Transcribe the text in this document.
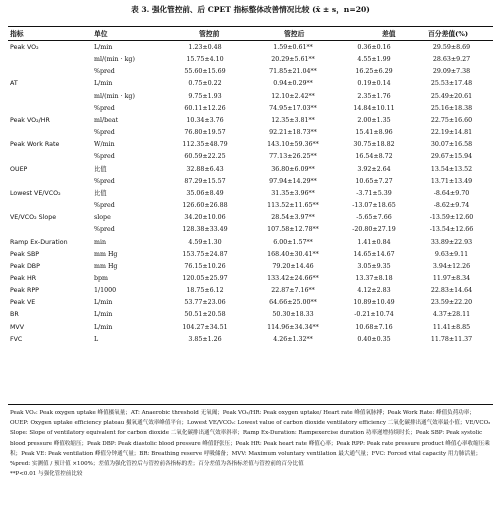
表 3. 强化管控前、后 CPET 指标整体改善情况比较 (x̄ ± s，n=20)
指标	单位	管控前	管控后	差值	百分差值(%)
Peak VO₂	L/min	1.23±0.48	1.59±0.61**	0.36±0.16	29.59±8.69
	ml/(min · kg)	15.75±4.10	20.29±5.61**	4.55±1.99	28.63±9.27
	%pred	55.60±15.69	71.85±21.04**	16.25±6.29	29.09±7.38
AT	L/min	0.75±0.22	0.94±0.29**	0.19±0.14	25.53±17.48
	ml/(min · kg)	9.75±1.93	12.10±2.42**	2.35±1.76	25.49±20.61
	%pred	60.11±12.26	74.95±17.03**	14.84±10.11	25.16±18.38
Peak VO₂/HR	ml/beat	10.34±3.76	12.35±3.81**	2.00±1.35	22.75±16.60
	%pred	76.80±19.57	92.21±18.73**	15.41±8.96	22.19±14.81
Peak Work Rate	W/min	112.35±48.79	143.10±59.36**	30.75±18.82	30.07±16.58
	%pred	60.59±22.25	77.13±26.25**	16.54±8.72	29.67±15.94
OUEP	比值	32.88±6.43	36.80±6.09**	3.92±2.64	13.54±13.52
	%pred	87.29±15.57	97.94±14.29**	10.65±7.27	13.71±13.49
Lowest VE/VCO₂	比值	35.06±8.49	31.35±3.96**	-3.71±5.39	-8.64±9.70
	%pred	126.60±26.88	113.52±11.65**	-13.07±18.65	-8.62±9.74
VE/VCO₂ Slope	slope	34.20±10.06	28.54±3.97**	-5.65±7.66	-13.59±12.60
	%pred	128.38±33.49	107.58±12.78**	-20.80±27.19	-13.54±12.66
Ramp Ex-Duration	min	4.59±1.30	6.00±1.57**	1.41±0.84	33.89±22.93
Peak SBP	mm Hg	153.75±24.87	168.40±30.41**	14.65±14.67	9.63±9.11
Peak DBP	mm Hg	76.15±10.26	79.20±14.46	3.05±9.35	3.94±12.26
Peak HR	bpm	120.05±25.97	133.42±24.66**	13.37±8.18	11.97±8.34
Peak RPP	1/1000	18.75±6.12	22.87±7.16**	4.12±2.83	22.83±14.64
Peak VE	L/min	53.77±23.06	64.66±25.00**	10.89±10.49	23.59±22.20
BR	L/min	50.51±20.58	50.30±18.33	-0.21±10.74	4.37±28.11
MVV	L/min	104.27±34.51	114.96±34.34**	10.68±7.16	11.41±8.85
FVC	L	3.85±1.26	4.26±1.32**	0.40±0.35	11.78±11.37
Peak VO₂: Peak oxygen uptake 峰值摄氧量；AT: Anaerobic threshold 无氧阈；Peak VO₂/HR: Peak oxygen uptake/ Heart rate 峰值氧脉搏；Peak Work Rate: 峰值负荷功率；OUEP: Oxygen uptake efficiency plateau 摄氧通气效率峰值平台；Lowest VE/VCO₂: Lowest value of carbon dioxide ventilatory efficiency 二氧化碳排出通气效率最小值；VE/VCO₂ Slope: Slope of ventilatory equivalent for carbon dioxide 二氧化碳排出通气效率斜率；Ramp Ex-Duration: Rampexercise duration 功率递增持续时长；Peak SBP: Peak systolic blood pressure 峰值收缩压；Peak DBP: Peak diastolic blood pressure 峰值舒张压；Peak HR: Peak heart rate 峰值心率；Peak RPP: Peak rate pressure product 峰值心率收缩压乘积；Peak VE: Peak ventilation 峰值分钟通气量；BR: Breathing reserve 呼吸储备；MVV: Maximum voluntary ventilation 最大通气量；FVC: Forced vital capacity 用力肺活量；%pred: 实测值 / 预计值 ×100%；差值为强化管控后与管控前各指标的差；百分差值为各指标差值与管控前的百分比值
**P<0.01 与强化管控前比较
